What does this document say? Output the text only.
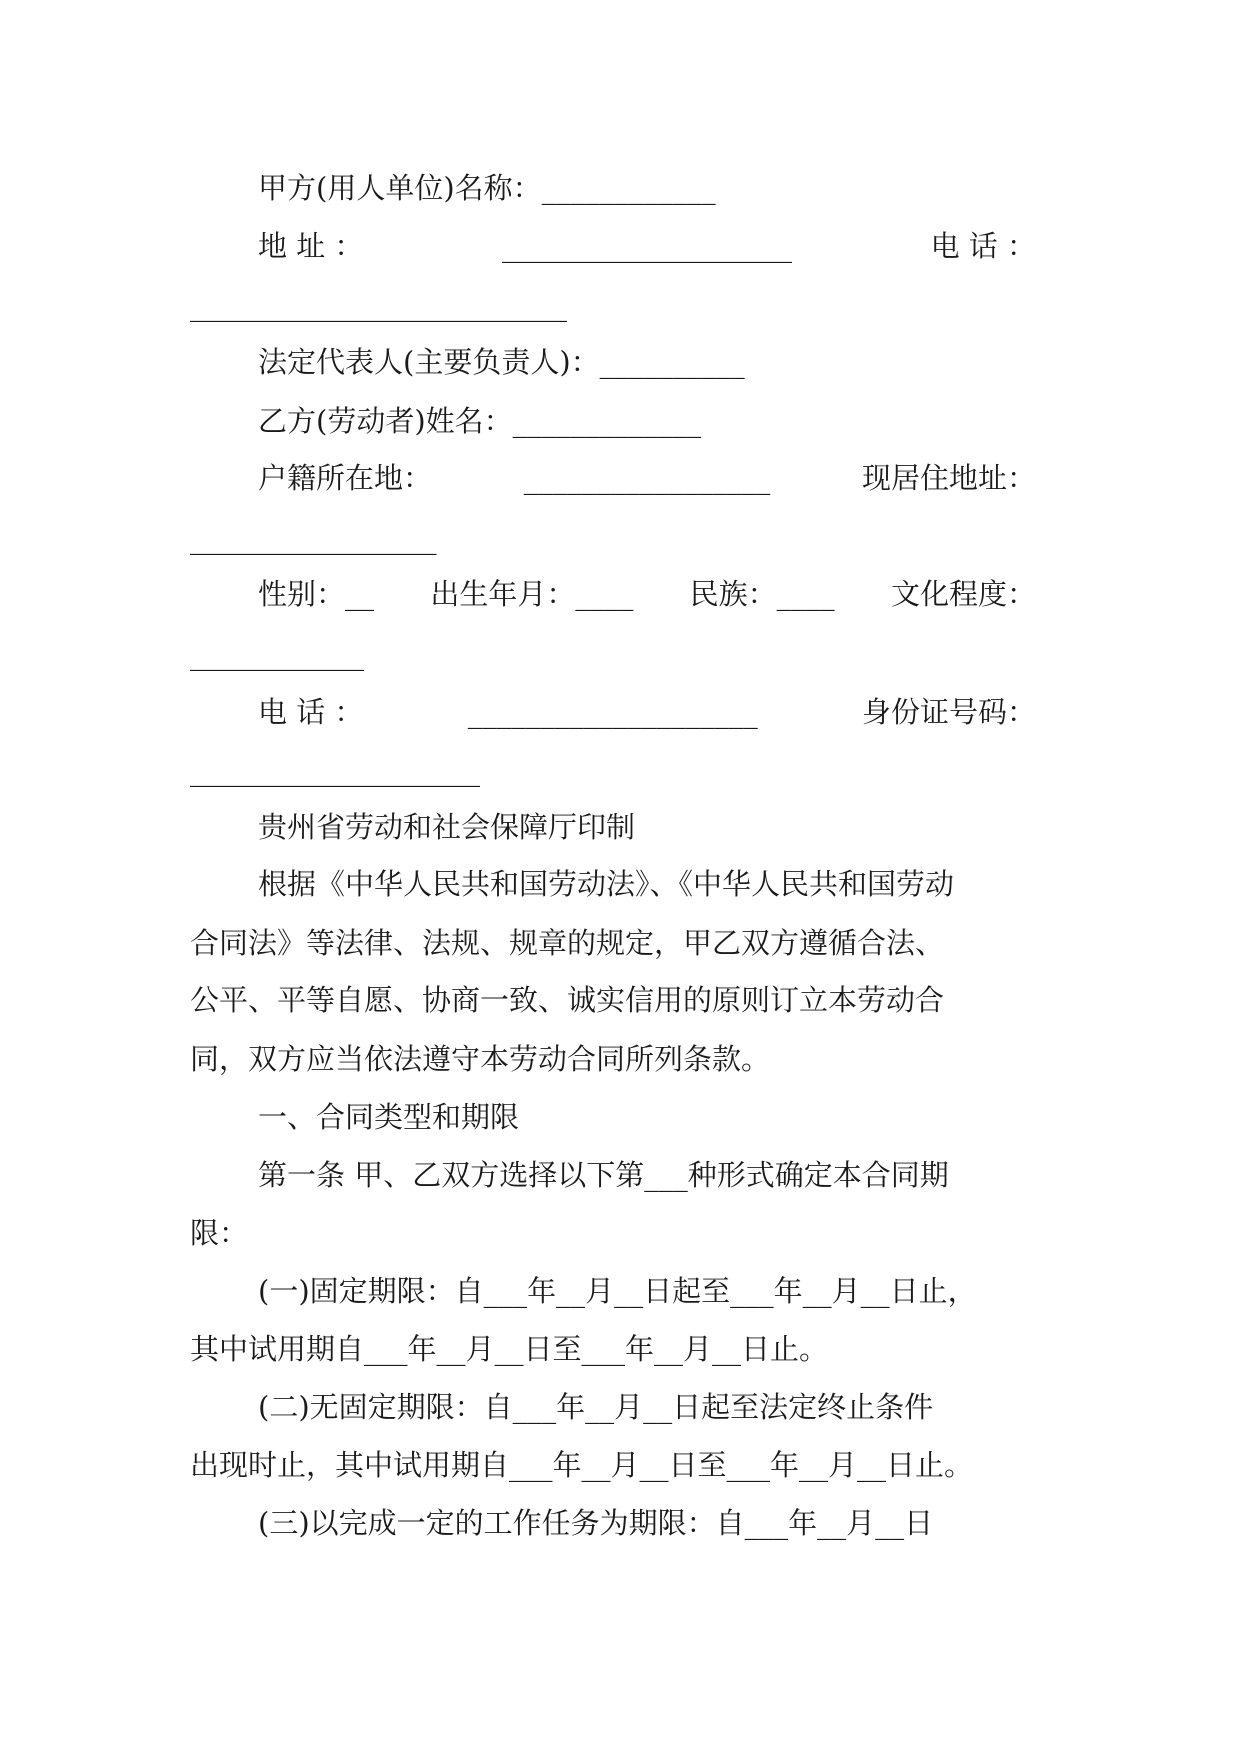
甲方(用人单位)名称：____________
地 址 ：	____________________	电 话 ：
__________________________
法定代表人(主要负责人)：__________
乙方(劳动者)姓名：_____________
户籍所在地：	_________________	现居住地址：
_________________
性别：__ 出生年月：____ 民族：____ 文化程度：
____________
电 话 ：	____________________	身份证号码：
____________________
贵州省劳动和社会保障厅印制
根据《中华人民共和国劳动法》、《中华人民共和国劳动
合同法》等法律、法规、规章的规定，甲乙双方遵循合法、
公平、平等自愿、协商一致、诚实信用的原则订立本劳动合
同，双方应当依法遵守本劳动合同所列条款。
一、合同类型和期限
第一条 甲、乙双方选择以下第___种形式确定本合同期
限：
(一)固定期限：自___年__月__日起至___年__月__日止，
其中试用期自___年__月__日至___年__月__日止。
(二)无固定期限：自___年__月__日起至法定终止条件
出现时止，其中试用期自___年__月__日至___年__月__日止。
(三)以完成一定的工作任务为期限：自___年__月__日
